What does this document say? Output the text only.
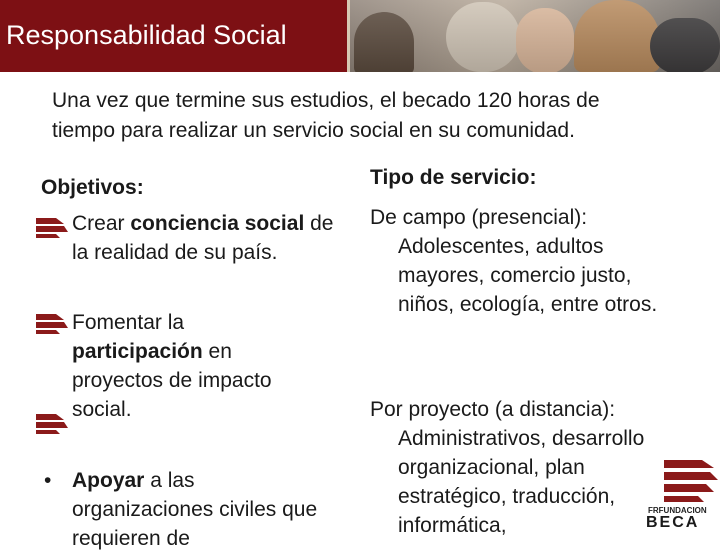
Responsabilidad Social
Una vez que termine sus estudios, el becado 120 horas de tiempo para realizar un servicio social en su comunidad.
Objetivos:
Crear conciencia social de la realidad de su país.
Fomentar la participación en proyectos de impacto social.
• Apoyar a las organizaciones civiles que requieren de
Tipo de servicio:
De campo (presencial):
Adolescentes, adultos mayores, comercio justo, niños, ecología, entre otros.
Por proyecto (a distancia):
Administrativos, desarrollo organizacional, plan estratégico, traducción, informática,
FRFUNDACION
BECA
